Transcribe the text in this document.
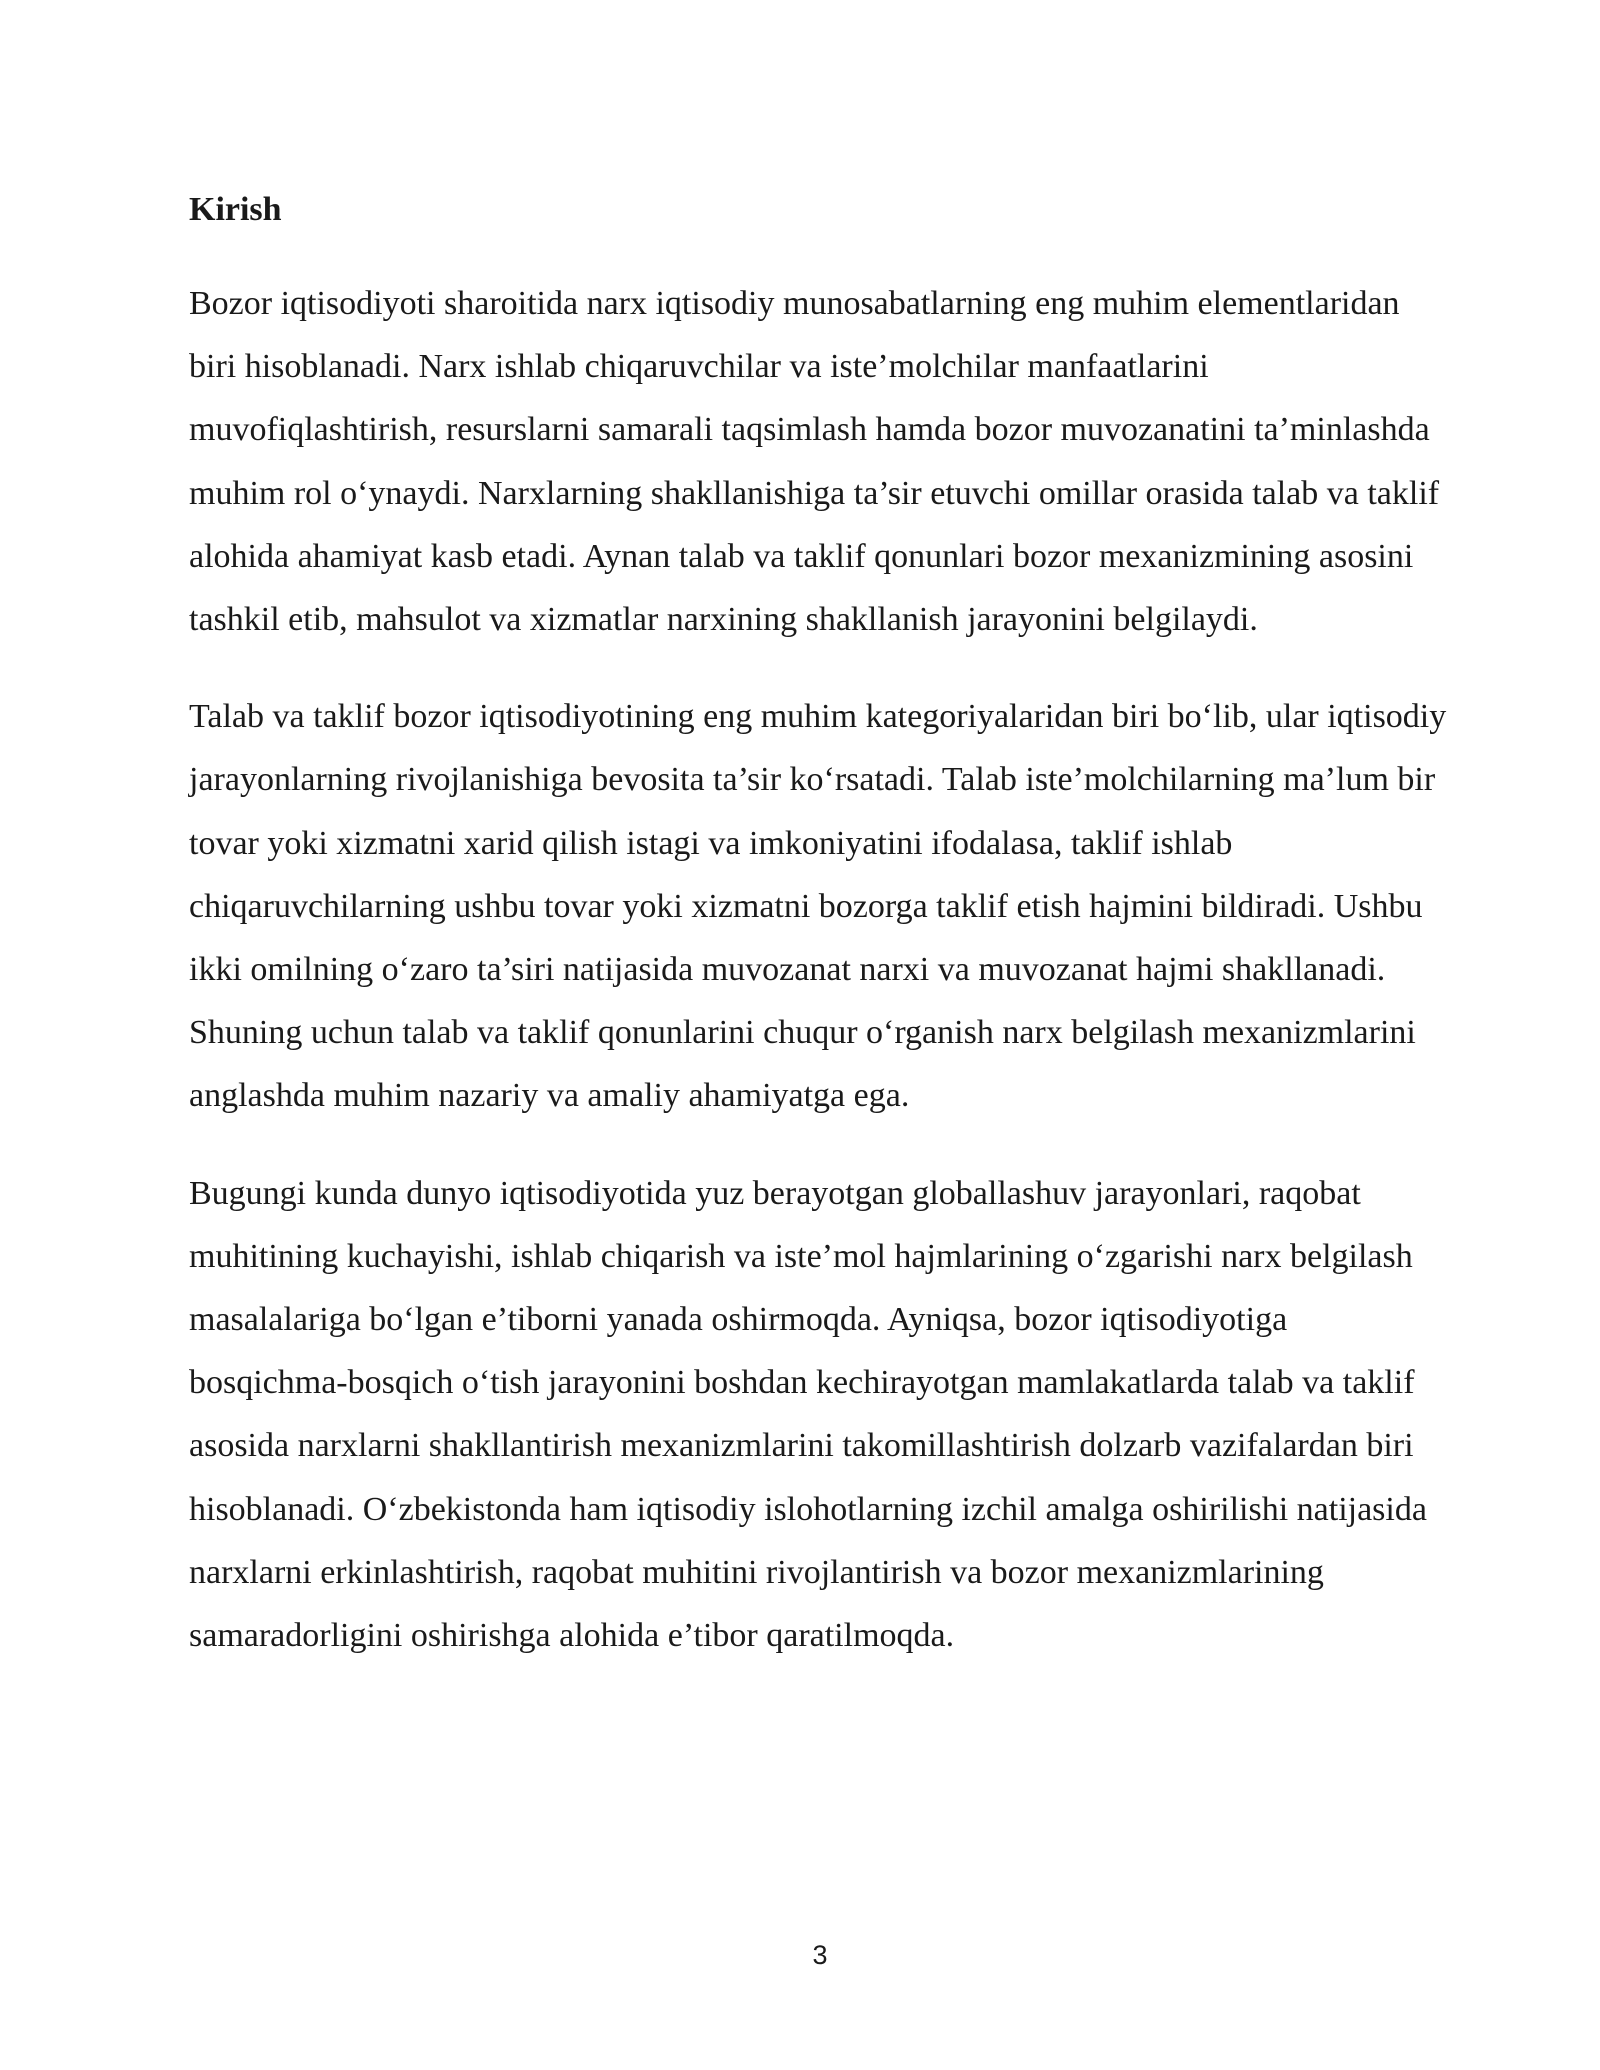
Kirish

Bozor iqtisodiyoti sharoitida narx iqtisodiy munosabatlarning eng muhim elementlaridan biri hisoblanadi. Narx ishlab chiqaruvchilar va iste’molchilar manfaatlarini muvofiqlashtirish, resurslarni samarali taqsimlash hamda bozor muvozanatini ta’minlashda muhim rol o‘ynaydi. Narxlarning shakllanishiga ta’sir etuvchi omillar orasida talab va taklif alohida ahamiyat kasb etadi. Aynan talab va taklif qonunlari bozor mexanizmining asosini tashkil etib, mahsulot va xizmatlar narxining shakllanish jarayonini belgilaydi.

Talab va taklif bozor iqtisodiyotining eng muhim kategoriyalaridan biri bo‘lib, ular iqtisodiy jarayonlarning rivojlanishiga bevosita ta’sir ko‘rsatadi. Talab iste’molchilarning ma’lum bir tovar yoki xizmatni xarid qilish istagi va imkoniyatini ifodalasa, taklif ishlab chiqaruvchilarning ushbu tovar yoki xizmatni bozorga taklif etish hajmini bildiradi. Ushbu ikki omilning o‘zaro ta’siri natijasida muvozanat narxi va muvozanat hajmi shakllanadi. Shuning uchun talab va taklif qonunlarini chuqur o‘rganish narx belgilash mexanizmlarini anglashda muhim nazariy va amaliy ahamiyatga ega.

Bugungi kunda dunyo iqtisodiyotida yuz berayotgan globallashuv jarayonlari, raqobat muhitining kuchayishi, ishlab chiqarish va iste’mol hajmlarining o‘zgarishi narx belgilash masalalariga bo‘lgan e’tiborni yanada oshirmoqda. Ayniqsa, bozor iqtisodiyotiga bosqichma-bosqich o‘tish jarayonini boshdan kechirayotgan mamlakatlarda talab va taklif asosida narxlarni shakllantirish mexanizmlarini takomillashtirish dolzarb vazifalardan biri hisoblanadi. O‘zbekistonda ham iqtisodiy islohotlarning izchil amalga oshirilishi natijasida narxlarni erkinlashtirish, raqobat muhitini rivojlantirish va bozor mexanizmlarining samaradorligini oshirishga alohida e’tibor qaratilmoqda.

3
